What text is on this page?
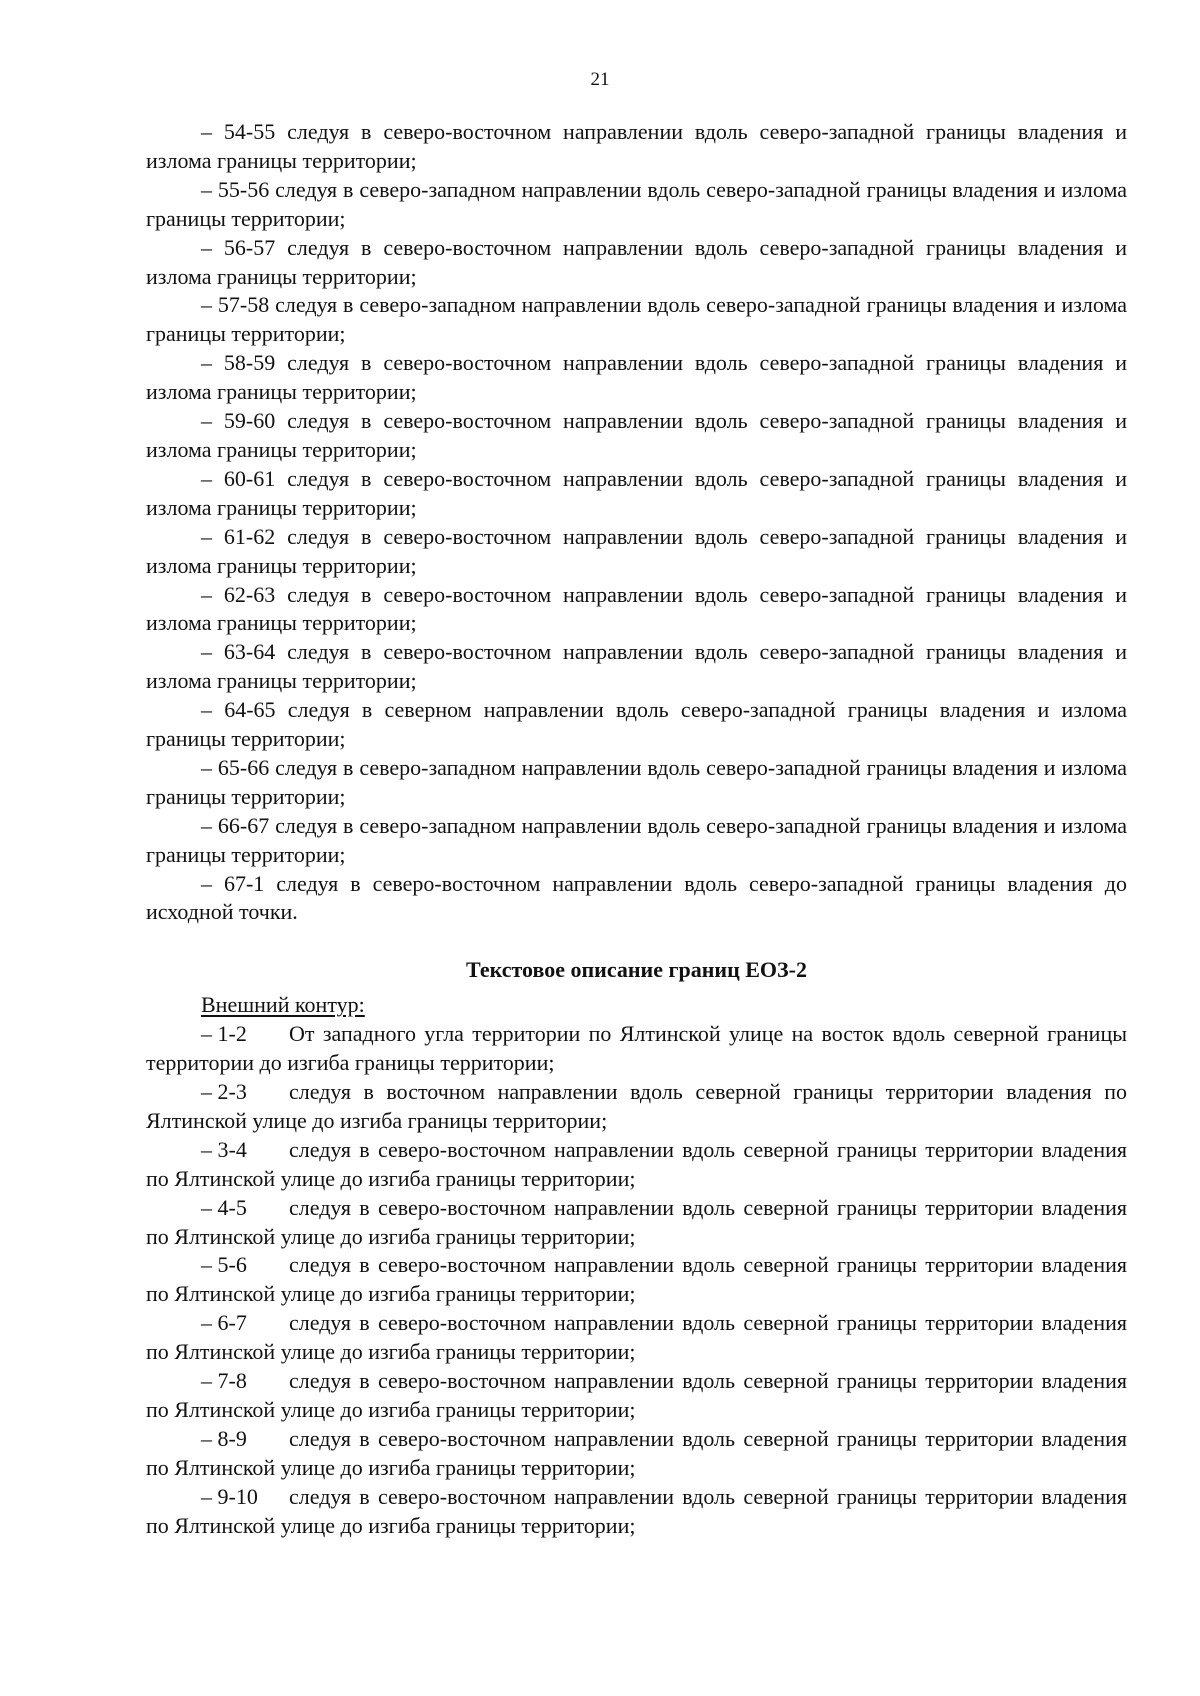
21

– 54-55 следуя в северо-восточном направлении вдоль северо-западной границы владения и излома границы территории;

– 55-56 следуя в северо-западном направлении вдоль северо-западной границы владения и излома границы территории;

– 56-57 следуя в северо-восточном направлении вдоль северо-западной границы владения и излома границы территории;

– 57-58 следуя в северо-западном направлении вдоль северо-западной границы владения и излома границы территории;

– 58-59 следуя в северо-восточном направлении вдоль северо-западной границы владения и излома границы территории;

– 59-60 следуя в северо-восточном направлении вдоль северо-западной границы владения и излома границы территории;

– 60-61 следуя в северо-восточном направлении вдоль северо-западной границы владения и излома границы территории;

– 61-62 следуя в северо-восточном направлении вдоль северо-западной границы владения и излома границы территории;

– 62-63 следуя в северо-восточном направлении вдоль северо-западной границы владения и излома границы территории;

– 63-64 следуя в северо-восточном направлении вдоль северо-западной границы владения и излома границы территории;

– 64-65 следуя в северном направлении вдоль северо-западной границы владения и излома границы территории;

– 65-66 следуя в северо-западном направлении вдоль северо-западной границы владения и излома границы территории;

– 66-67 следуя в северо-западном направлении вдоль северо-западной границы владения и излома границы территории;

– 67-1 следуя в северо-восточном направлении вдоль северо-западной границы владения до исходной точки.

Текстовое описание границ ЕОЗ-2

Внешний контур:

– 1-2От западного угла территории по Ялтинской улице на восток вдоль северной границы территории до изгиба границы территории;

– 2-3следуя в восточном направлении вдоль северной границы территории владения по Ялтинской улице до изгиба границы территории;

– 3-4следуя в северо-восточном направлении вдоль северной границы территории владения по Ялтинской улице до изгиба границы территории;

– 4-5следуя в северо-восточном направлении вдоль северной границы территории владения по Ялтинской улице до изгиба границы территории;

– 5-6следуя в северо-восточном направлении вдоль северной границы территории владения по Ялтинской улице до изгиба границы территории;

– 6-7следуя в северо-восточном направлении вдоль северной границы территории владения по Ялтинской улице до изгиба границы территории;

– 7-8следуя в северо-восточном направлении вдоль северной границы территории владения по Ялтинской улице до изгиба границы территории;

– 8-9следуя в северо-восточном направлении вдоль северной границы территории владения по Ялтинской улице до изгиба границы территории;

– 9-10следуя в северо-восточном направлении вдоль северной границы территории владения по Ялтинской улице до изгиба границы территории;
